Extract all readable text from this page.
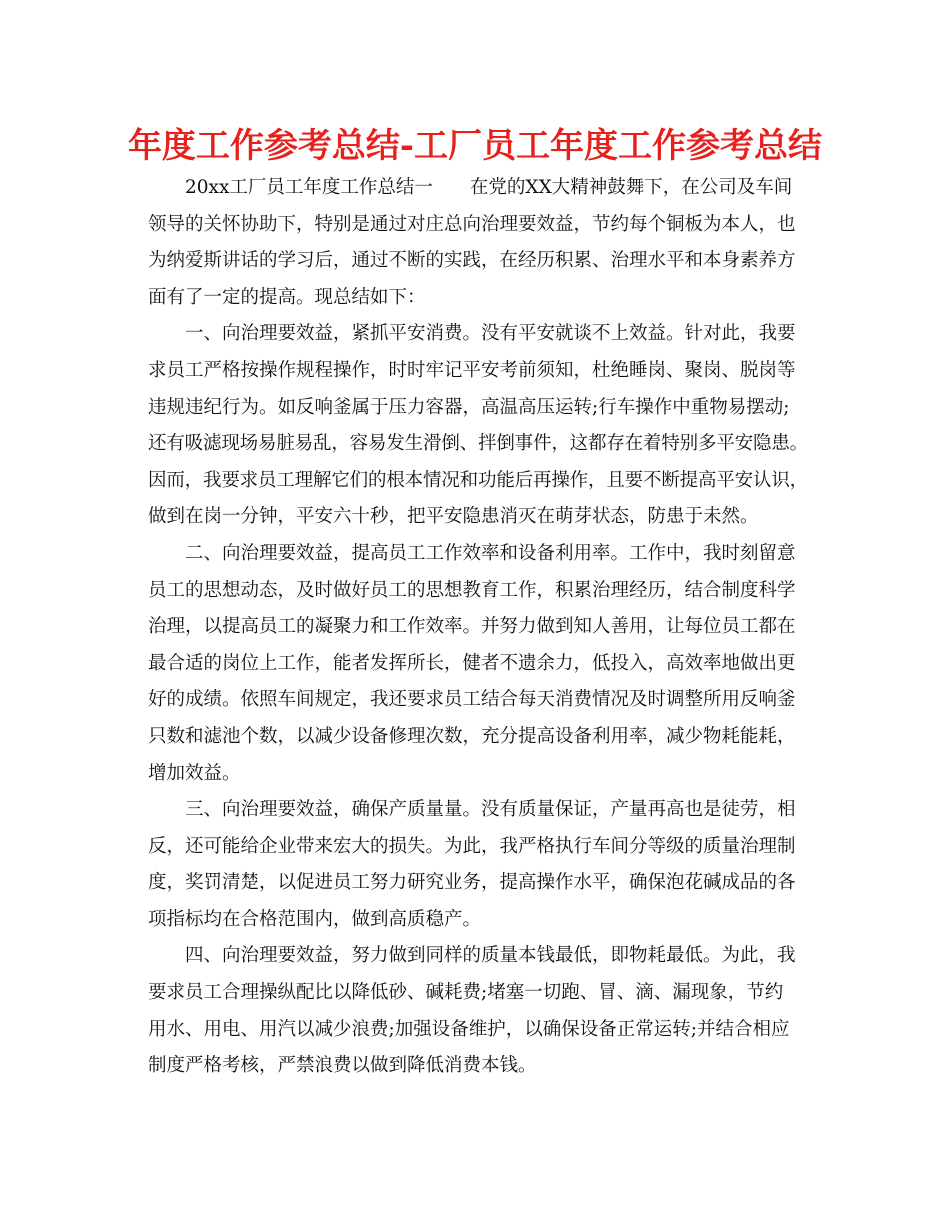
年度工作参考总结-工厂员工年度工作参考总结
20xx工厂员工年度工作总结一　　在党的XX大精神鼓舞下，在公司及车间
领导的关怀协助下，特别是通过对庄总向治理要效益，节约每个铜板为本人，也
为纳爱斯讲话的学习后，通过不断的实践，在经历积累、治理水平和本身素养方
面有了一定的提高。现总结如下：
一、向治理要效益，紧抓平安消费。没有平安就谈不上效益。针对此，我要
求员工严格按操作规程操作，时时牢记平安考前须知，杜绝睡岗、聚岗、脱岗等
违规违纪行为。如反响釜属于压力容器，高温高压运转;行车操作中重物易摆动;
还有吸滤现场易脏易乱，容易发生滑倒、拌倒事件，这都存在着特别多平安隐患。
因而，我要求员工理解它们的根本情况和功能后再操作，且要不断提高平安认识，
做到在岗一分钟，平安六十秒，把平安隐患消灭在萌芽状态，防患于未然。
二、向治理要效益，提高员工工作效率和设备利用率。工作中，我时刻留意
员工的思想动态，及时做好员工的思想教育工作，积累治理经历，结合制度科学
治理，以提高员工的凝聚力和工作效率。并努力做到知人善用，让每位员工都在
最合适的岗位上工作，能者发挥所长，健者不遗余力，低投入，高效率地做出更
好的成绩。依照车间规定，我还要求员工结合每天消费情况及时调整所用反响釜
只数和滤池个数，以减少设备修理次数，充分提高设备利用率，减少物耗能耗，
增加效益。
三、向治理要效益，确保产质量量。没有质量保证，产量再高也是徒劳，相
反，还可能给企业带来宏大的损失。为此，我严格执行车间分等级的质量治理制
度，奖罚清楚，以促进员工努力研究业务，提高操作水平，确保泡花碱成品的各
项指标均在合格范围内，做到高质稳产。
四、向治理要效益，努力做到同样的质量本钱最低，即物耗最低。为此，我
要求员工合理操纵配比以降低砂、碱耗费;堵塞一切跑、冒、滴、漏现象，节约
用水、用电、用汽以减少浪费;加强设备维护，以确保设备正常运转;并结合相应
制度严格考核，严禁浪费以做到降低消费本钱。
